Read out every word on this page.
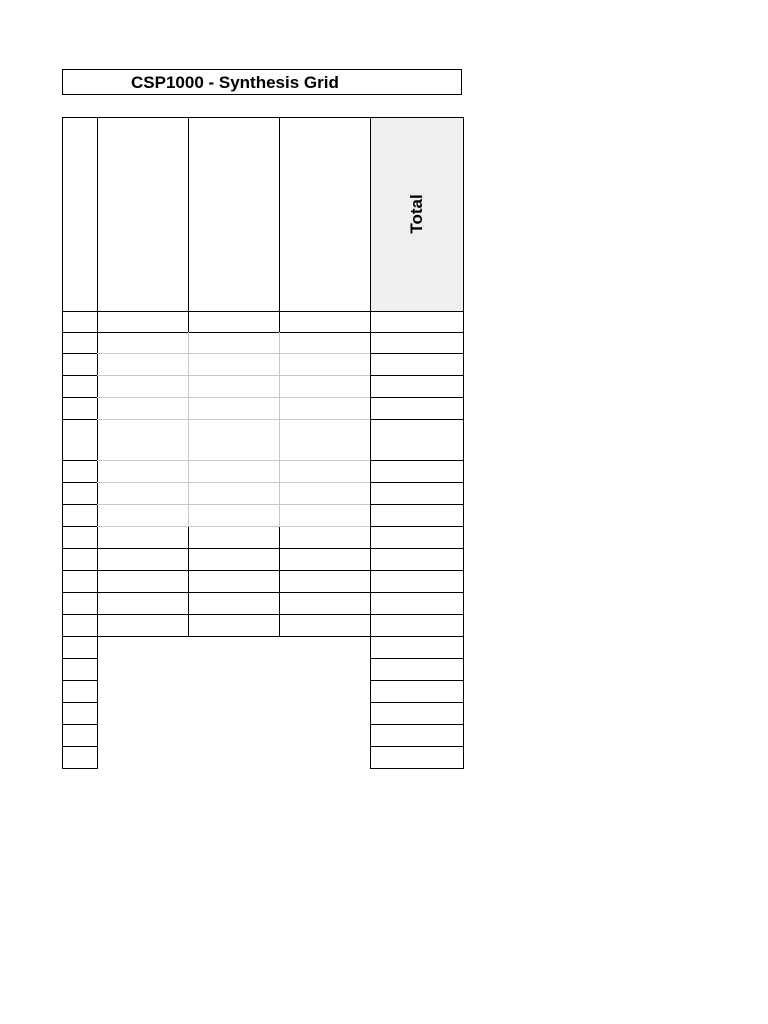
CSP1000 - Synthesis Grid
Total
